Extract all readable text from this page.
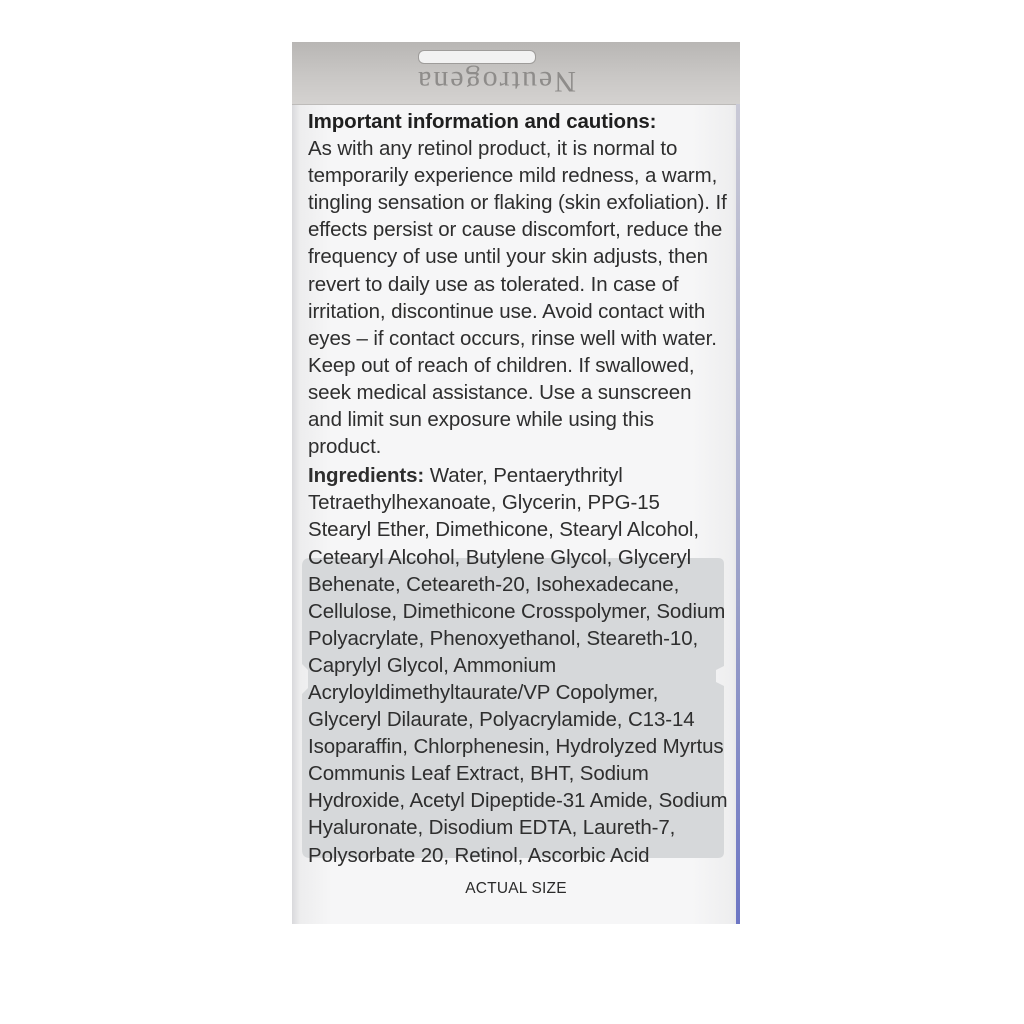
Neutrogena
Important information and cautions:
As with any retinol product, it is normal to temporarily experience mild redness, a warm, tingling sensation or flaking (skin exfoliation). If effects persist or cause discomfort, reduce the frequency of use until your skin adjusts, then revert to daily use as tolerated. In case of irritation, discontinue use. Avoid contact with eyes – if contact occurs, rinse well with water. Keep out of reach of children. If swallowed, seek medical assistance. Use a sunscreen and limit sun exposure while using this product.
Ingredients: Water, Pentaerythrityl Tetraethylhexanoate, Glycerin, PPG-15 Stearyl Ether, Dimethicone, Stearyl Alcohol, Cetearyl Alcohol, Butylene Glycol, Glyceryl Behenate, Ceteareth-20, Isohexadecane, Cellulose, Dimethicone Crosspolymer, Sodium Polyacrylate, Phenoxyethanol, Steareth-10, Caprylyl Glycol, Ammonium Acryloyldimethyltaurate/VP Copolymer, Glyceryl Dilaurate, Polyacrylamide, C13-14 Isoparaffin, Chlorphenesin, Hydrolyzed Myrtus Communis Leaf Extract, BHT, Sodium Hydroxide, Acetyl Dipeptide-31 Amide, Sodium Hyaluronate, Disodium EDTA, Laureth-7, Polysorbate 20, Retinol, Ascorbic Acid
ACTUAL SIZE
